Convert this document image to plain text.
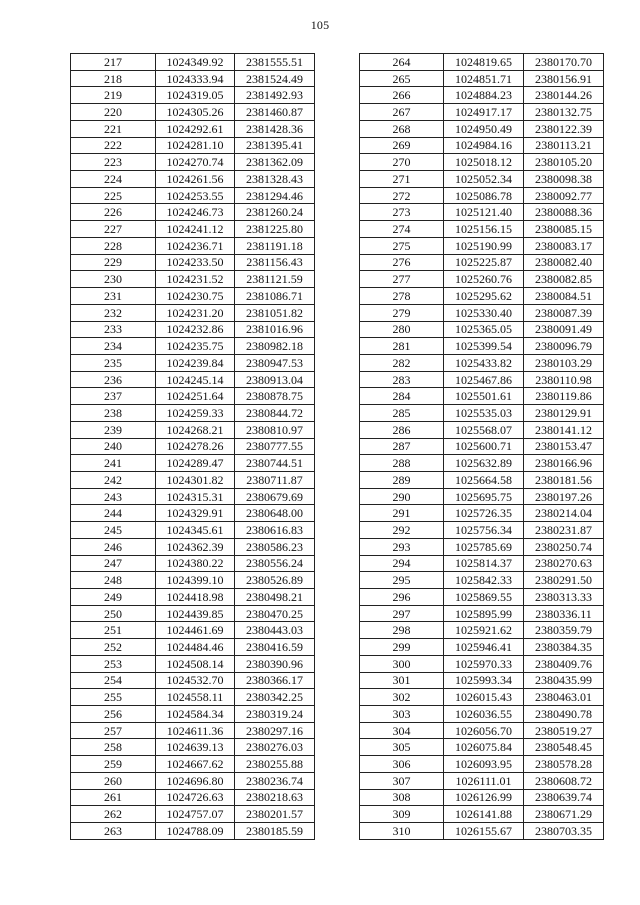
105
217	1024349.92	2381555.51
218	1024333.94	2381524.49
219	1024319.05	2381492.93
220	1024305.26	2381460.87
221	1024292.61	2381428.36
222	1024281.10	2381395.41
223	1024270.74	2381362.09
224	1024261.56	2381328.43
225	1024253.55	2381294.46
226	1024246.73	2381260.24
227	1024241.12	2381225.80
228	1024236.71	2381191.18
229	1024233.50	2381156.43
230	1024231.52	2381121.59
231	1024230.75	2381086.71
232	1024231.20	2381051.82
233	1024232.86	2381016.96
234	1024235.75	2380982.18
235	1024239.84	2380947.53
236	1024245.14	2380913.04
237	1024251.64	2380878.75
238	1024259.33	2380844.72
239	1024268.21	2380810.97
240	1024278.26	2380777.55
241	1024289.47	2380744.51
242	1024301.82	2380711.87
243	1024315.31	2380679.69
244	1024329.91	2380648.00
245	1024345.61	2380616.83
246	1024362.39	2380586.23
247	1024380.22	2380556.24
248	1024399.10	2380526.89
249	1024418.98	2380498.21
250	1024439.85	2380470.25
251	1024461.69	2380443.03
252	1024484.46	2380416.59
253	1024508.14	2380390.96
254	1024532.70	2380366.17
255	1024558.11	2380342.25
256	1024584.34	2380319.24
257	1024611.36	2380297.16
258	1024639.13	2380276.03
259	1024667.62	2380255.88
260	1024696.80	2380236.74
261	1024726.63	2380218.63
262	1024757.07	2380201.57
263	1024788.09	2380185.59
264	1024819.65	2380170.70
265	1024851.71	2380156.91
266	1024884.23	2380144.26
267	1024917.17	2380132.75
268	1024950.49	2380122.39
269	1024984.16	2380113.21
270	1025018.12	2380105.20
271	1025052.34	2380098.38
272	1025086.78	2380092.77
273	1025121.40	2380088.36
274	1025156.15	2380085.15
275	1025190.99	2380083.17
276	1025225.87	2380082.40
277	1025260.76	2380082.85
278	1025295.62	2380084.51
279	1025330.40	2380087.39
280	1025365.05	2380091.49
281	1025399.54	2380096.79
282	1025433.82	2380103.29
283	1025467.86	2380110.98
284	1025501.61	2380119.86
285	1025535.03	2380129.91
286	1025568.07	2380141.12
287	1025600.71	2380153.47
288	1025632.89	2380166.96
289	1025664.58	2380181.56
290	1025695.75	2380197.26
291	1025726.35	2380214.04
292	1025756.34	2380231.87
293	1025785.69	2380250.74
294	1025814.37	2380270.63
295	1025842.33	2380291.50
296	1025869.55	2380313.33
297	1025895.99	2380336.11
298	1025921.62	2380359.79
299	1025946.41	2380384.35
300	1025970.33	2380409.76
301	1025993.34	2380435.99
302	1026015.43	2380463.01
303	1026036.55	2380490.78
304	1026056.70	2380519.27
305	1026075.84	2380548.45
306	1026093.95	2380578.28
307	1026111.01	2380608.72
308	1026126.99	2380639.74
309	1026141.88	2380671.29
310	1026155.67	2380703.35
